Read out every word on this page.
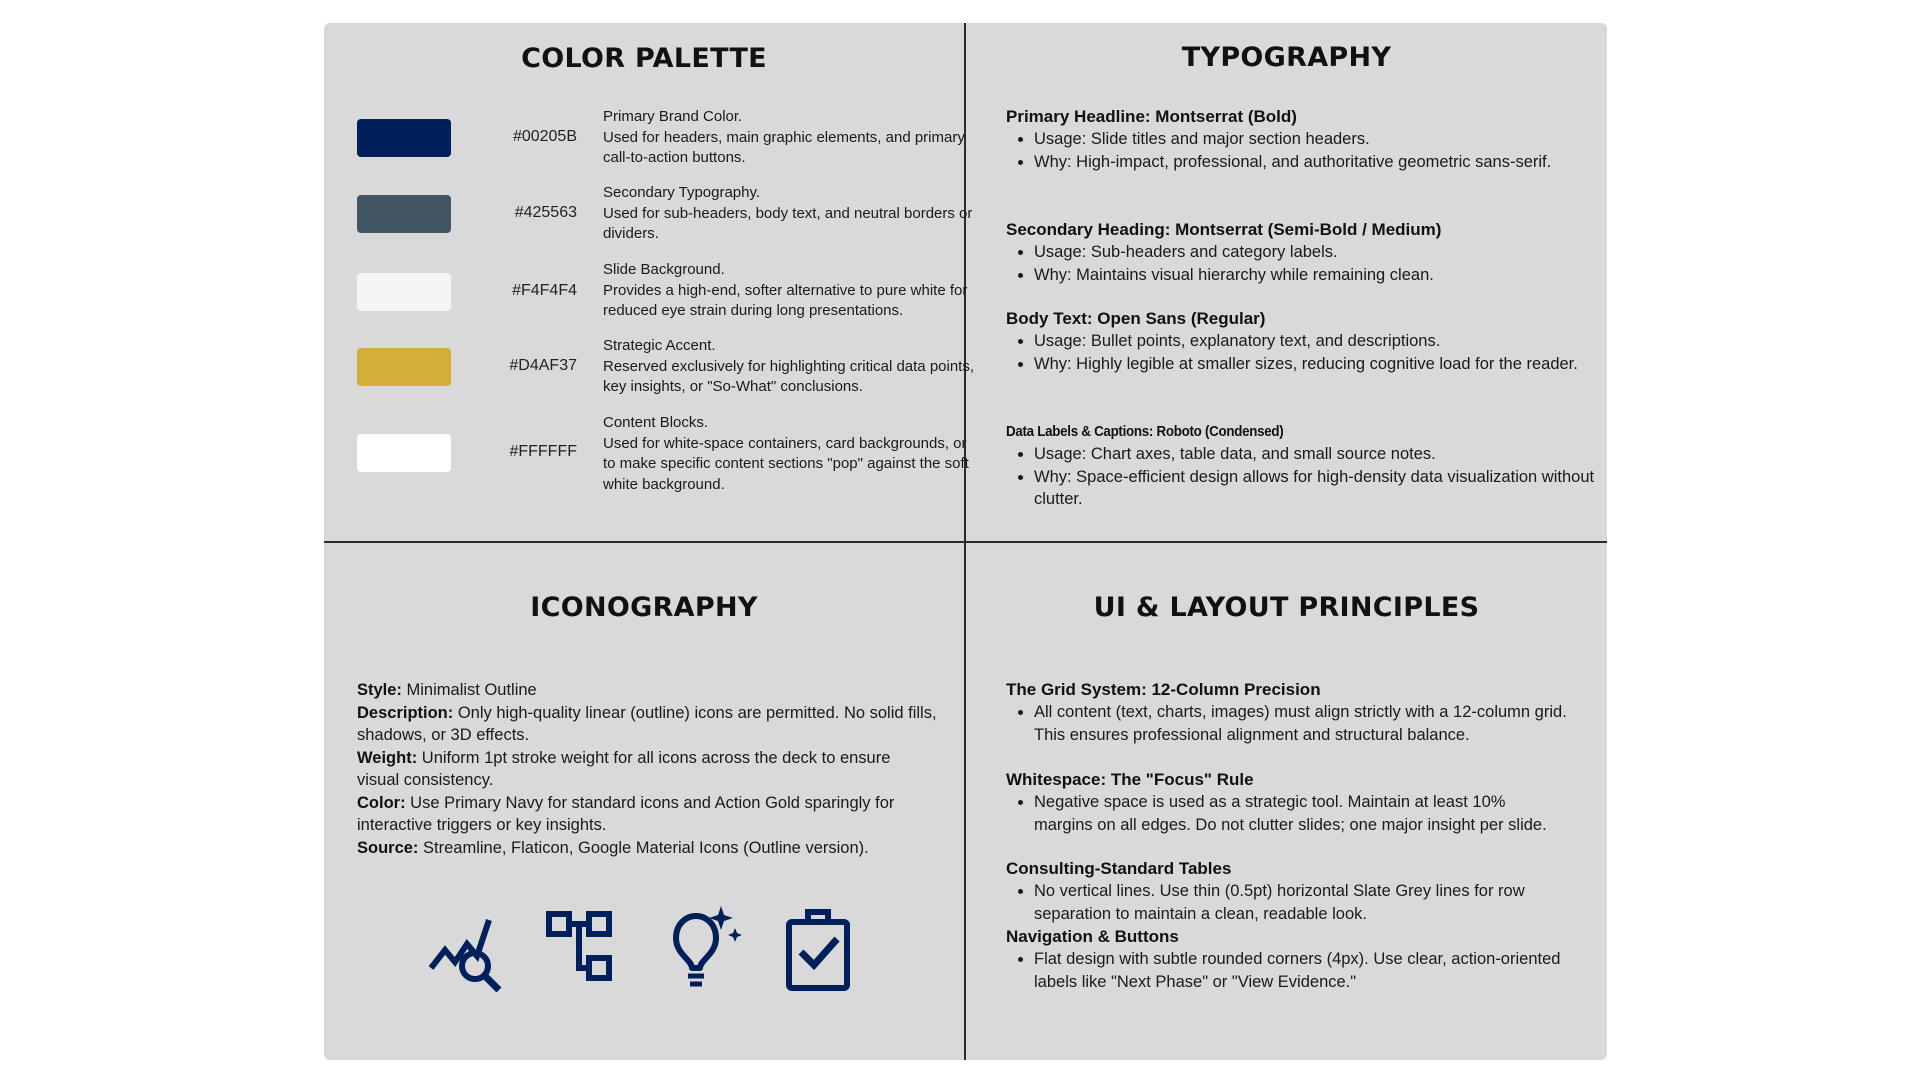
COLOR PALETTE
#00205B
Primary Brand Color.
Used for headers, main graphic elements, and primary call-to-action buttons.
#425563
Secondary Typography.
Used for sub-headers, body text, and neutral borders or dividers.
#F4F4F4
Slide Background.
Provides a high-end, softer alternative to pure white for reduced eye strain during long presentations.
#D4AF37
Strategic Accent.
Reserved exclusively for highlighting critical data points, key insights, or "So-What" conclusions.
#FFFFFF
Content Blocks.
Used for white-space containers, card backgrounds, or to make specific content sections "pop" against the soft white background.
TYPOGRAPHY
Primary Headline: Montserrat (Bold)
• Usage: Slide titles and major section headers.
• Why: High-impact, professional, and authoritative geometric sans-serif.
Secondary Heading: Montserrat (Semi-Bold / Medium)
• Usage: Sub-headers and category labels.
• Why: Maintains visual hierarchy while remaining clean.
Body Text: Open Sans (Regular)
• Usage: Bullet points, explanatory text, and descriptions.
• Why: Highly legible at smaller sizes, reducing cognitive load for the reader.
Data Labels & Captions: Roboto (Condensed)
• Usage: Chart axes, table data, and small source notes.
• Why: Space-efficient design allows for high-density data visualization without clutter.
ICONOGRAPHY
Style: Minimalist Outline
Description: Only high-quality linear (outline) icons are permitted. No solid fills, shadows, or 3D effects.
Weight: Uniform 1pt stroke weight for all icons across the deck to ensure visual consistency.
Color: Use Primary Navy for standard icons and Action Gold sparingly for interactive triggers or key insights.
Source: Streamline, Flaticon, Google Material Icons (Outline version).
UI & LAYOUT PRINCIPLES
The Grid System: 12-Column Precision
• All content (text, charts, images) must align strictly with a 12-column grid. This ensures professional alignment and structural balance.
Whitespace: The "Focus" Rule
• Negative space is used as a strategic tool. Maintain at least 10% margins on all edges. Do not clutter slides; one major insight per slide.
Consulting-Standard Tables
• No vertical lines. Use thin (0.5pt) horizontal Slate Grey lines for row separation to maintain a clean, readable look.
Navigation & Buttons
• Flat design with subtle rounded corners (4px). Use clear, action-oriented labels like "Next Phase" or "View Evidence."
